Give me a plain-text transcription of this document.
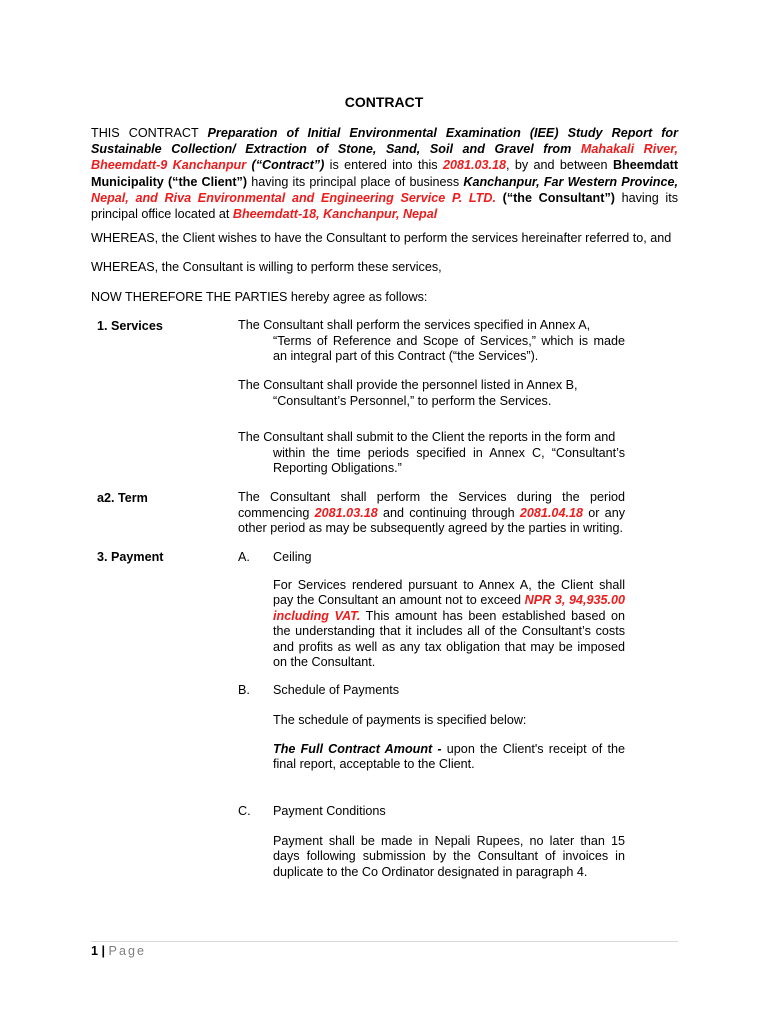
CONTRACT
THIS CONTRACT Preparation of Initial Environmental Examination (IEE) Study Report for Sustainable Collection/ Extraction of Stone, Sand, Soil and Gravel from Mahakali River, Bheemdatt-9 Kanchanpur (“Contract”) is entered into this 2081.03.18, by and between Bheemdatt Municipality (“the Client”) having its principal place of business Kanchanpur, Far Western Province, Nepal, and Riva Environmental and Engineering Service P. LTD. (“the Consultant”) having its principal office located at Bheemdatt-18, Kanchanpur, Nepal
WHEREAS, the Client wishes to have the Consultant to perform the services hereinafter referred to, and
WHEREAS, the Consultant is willing to perform these services,
NOW THEREFORE THE PARTIES hereby agree as follows:
1. Services	The Consultant shall perform the services specified in Annex A,
“Terms of Reference and Scope of Services,” which is made an integral part of this Contract (“the Services”).
The Consultant shall provide the personnel listed in Annex B,
“Consultant’s Personnel,” to perform the Services.
The Consultant shall submit to the Client the reports in the form and
within the time periods specified in Annex C, “Consultant’s Reporting Obligations.”
a2. Term	The Consultant shall perform the Services during the period commencing 2081.03.18 and continuing through 2081.04.18 or any other period as may be subsequently agreed by the parties in writing.
3. Payment	A. Ceiling
For Services rendered pursuant to Annex A, the Client shall pay the Consultant an amount not to exceed NPR 3, 94,935.00 including VAT. This amount has been established based on the understanding that it includes all of the Consultant’s costs and profits as well as any tax obligation that may be imposed on the Consultant.
B. Schedule of Payments
The schedule of payments is specified below:
The Full Contract Amount - upon the Client's receipt of the final report, acceptable to the Client.
C. Payment Conditions
Payment shall be made in Nepali Rupees, no later than 15 days following submission by the Consultant of invoices in duplicate to the Co Ordinator designated in paragraph 4.
1 | Page
